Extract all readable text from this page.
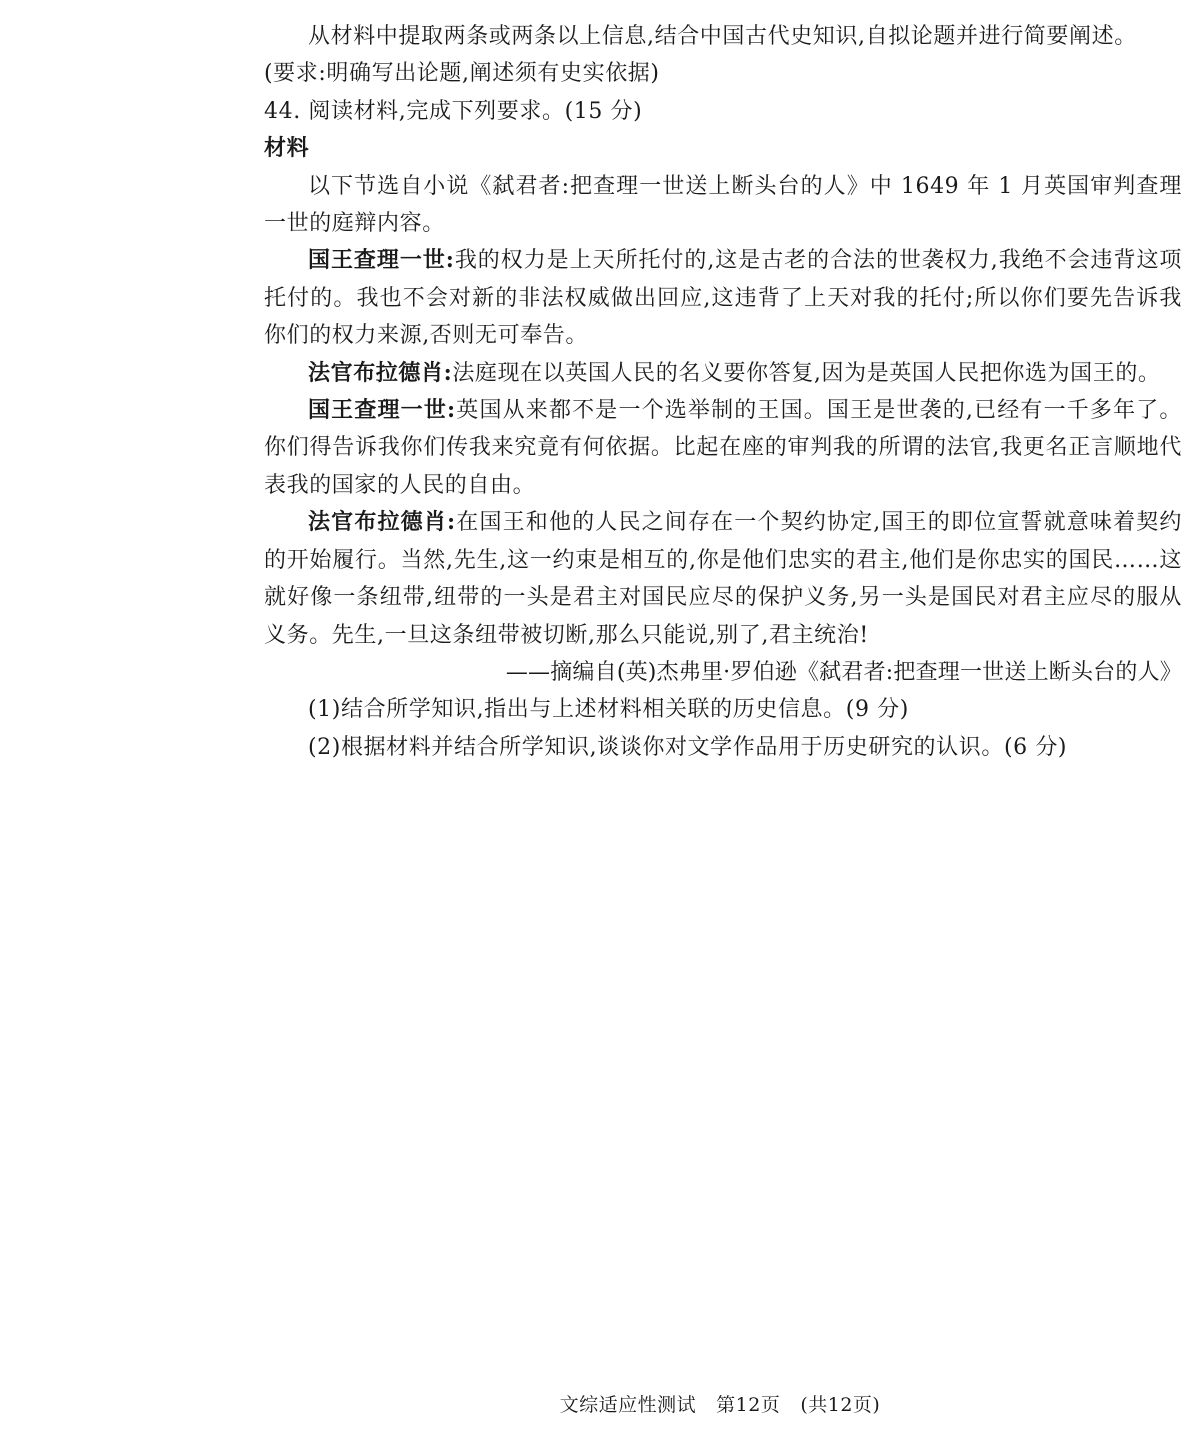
从材料中提取两条或两条以上信息,结合中国古代史知识,自拟论题并进行简要阐述。

(要求:明确写出论题,阐述须有史实依据)

44. 阅读材料,完成下列要求。(15 分)

材料

以下节选自小说《弑君者:把查理一世送上断头台的人》中 1649 年 1 月英国审判查理一世的庭辩内容。

国王查理一世:我的权力是上天所托付的,这是古老的合法的世袭权力,我绝不会违背这项托付的。我也不会对新的非法权威做出回应,这违背了上天对我的托付;所以你们要先告诉我你们的权力来源,否则无可奉告。

法官布拉德肖:法庭现在以英国人民的名义要你答复,因为是英国人民把你选为国王的。

国王查理一世:英国从来都不是一个选举制的王国。国王是世袭的,已经有一千多年了。你们得告诉我你们传我来究竟有何依据。比起在座的审判我的所谓的法官,我更名正言顺地代表我的国家的人民的自由。

法官布拉德肖:在国王和他的人民之间存在一个契约协定,国王的即位宣誓就意味着契约的开始履行。当然,先生,这一约束是相互的,你是他们忠实的君主,他们是你忠实的国民……这就好像一条纽带,纽带的一头是君主对国民应尽的保护义务,另一头是国民对君主应尽的服从义务。先生,一旦这条纽带被切断,那么只能说,别了,君主统治!

——摘编自(英)杰弗里·罗伯逊《弑君者:把查理一世送上断头台的人》

(1)结合所学知识,指出与上述材料相关联的历史信息。(9 分)

(2)根据材料并结合所学知识,谈谈你对文学作品用于历史研究的认识。(6 分)

文综适应性测试 第12页 (共12页)
